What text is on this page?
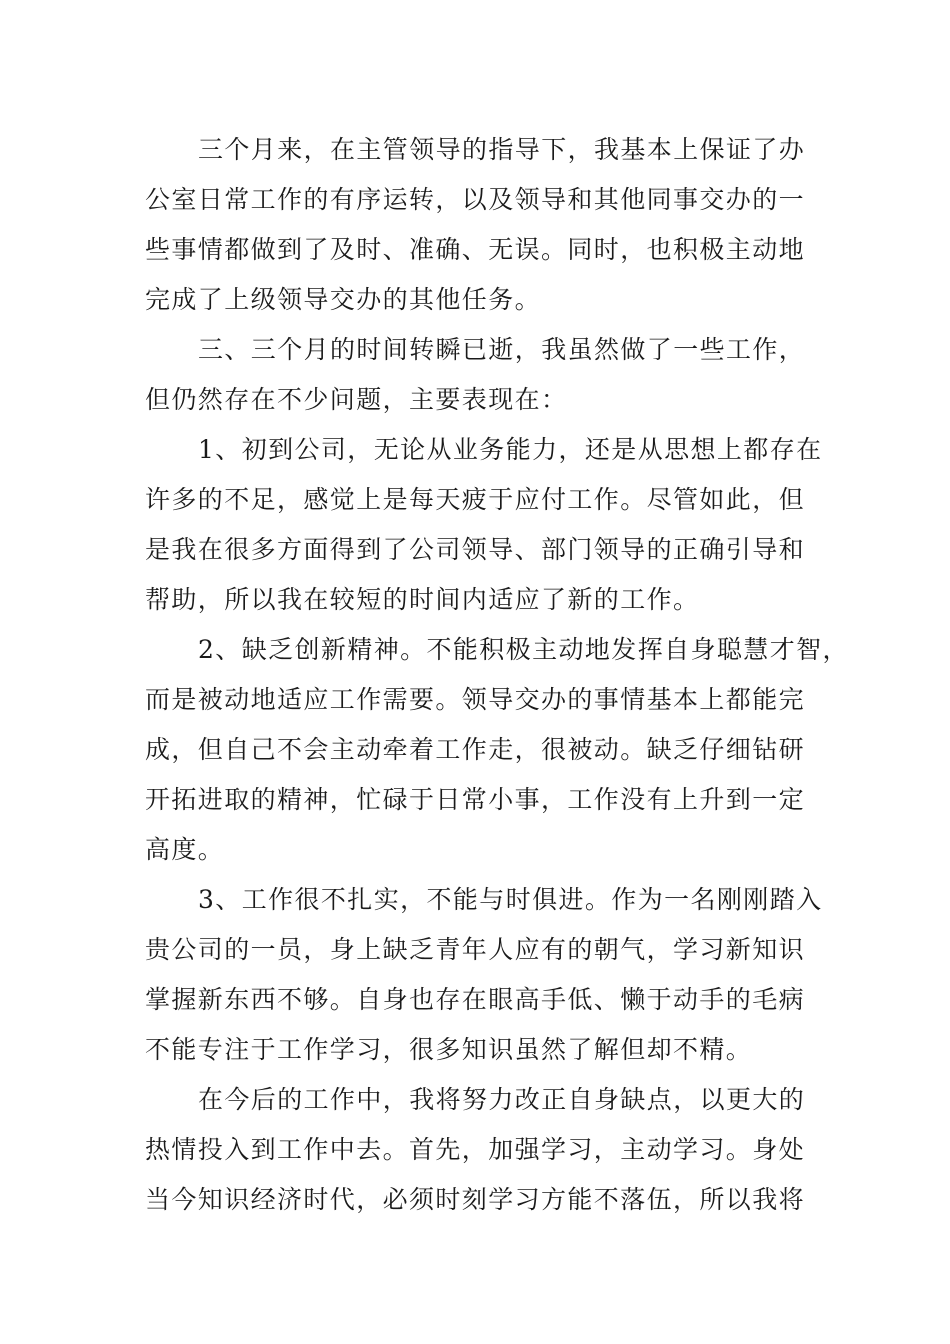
三个月来，在主管领导的指导下，我基本上保证了办
公室日常工作的有序运转，以及领导和其他同事交办的一
些事情都做到了及时、准确、无误。同时，也积极主动地
完成了上级领导交办的其他任务。

三、三个月的时间转瞬已逝，我虽然做了一些工作，
但仍然存在不少问题，主要表现在：

1、初到公司，无论从业务能力，还是从思想上都存在
许多的不足，感觉上是每天疲于应付工作。尽管如此，但
是我在很多方面得到了公司领导、部门领导的正确引导和
帮助，所以我在较短的时间内适应了新的工作。

2、缺乏创新精神。不能积极主动地发挥自身聪慧才智，
而是被动地适应工作需要。领导交办的事情基本上都能完
成，但自己不会主动牵着工作走，很被动。缺乏仔细钻研
开拓进取的精神，忙碌于日常小事，工作没有上升到一定
高度。

3、工作很不扎实，不能与时俱进。作为一名刚刚踏入
贵公司的一员，身上缺乏青年人应有的朝气，学习新知识
掌握新东西不够。自身也存在眼高手低、懒于动手的毛病
不能专注于工作学习，很多知识虽然了解但却不精。

在今后的工作中，我将努力改正自身缺点，以更大的
热情投入到工作中去。首先，加强学习，主动学习。身处
当今知识经济时代，必须时刻学习方能不落伍，所以我将
